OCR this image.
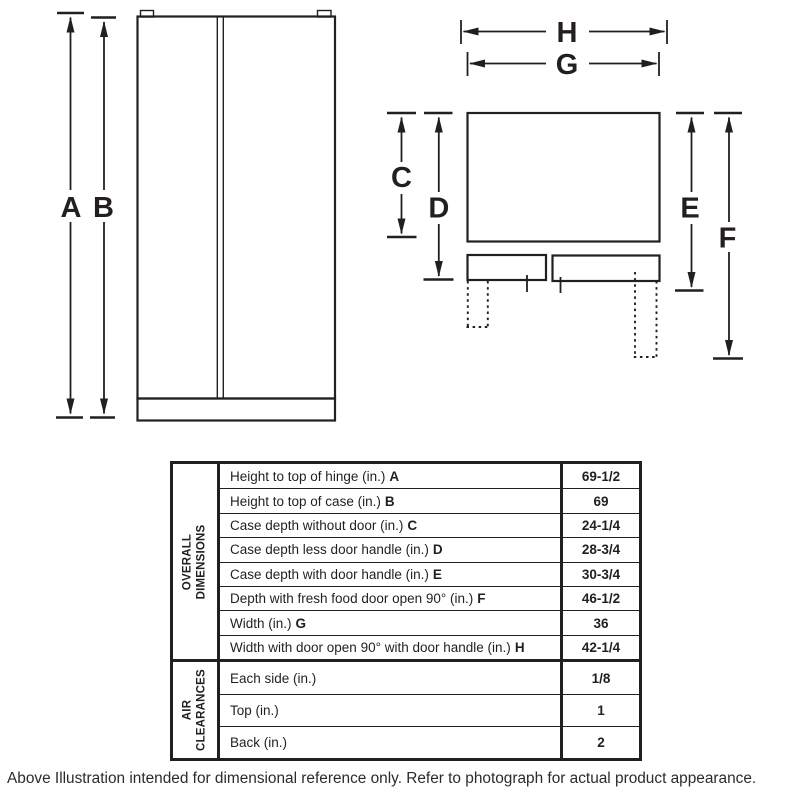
A B
H
G
C
D	E
F
OVERALL DIMENSIONS
Height to top of hinge (in.) A	69-1/2
Height to top of case (in.) B	69
Case depth without door (in.) C	24-1/4
Case depth less door handle (in.) D	28-3/4
Case depth with door handle (in.) E	30-3/4
Depth with fresh food door open 90° (in.) F	46-1/2
Width (in.) G	36
Width with door open 90° with door handle (in.) H	42-1/4
AIR CLEARANCES Each side (in.)	1/8
Top (in.)	1
Back (in.)	2
Above Illustration intended for dimensional reference only. Refer to photograph for actual product appearance.
